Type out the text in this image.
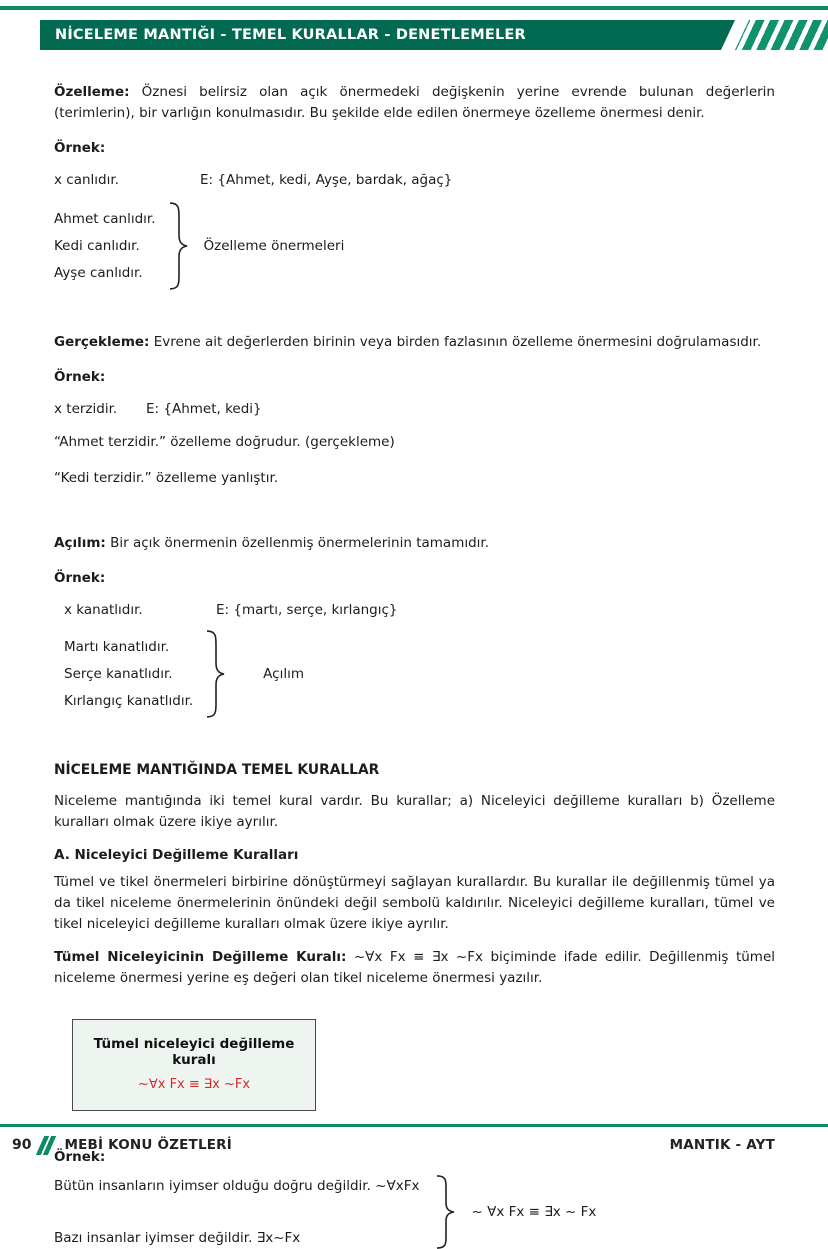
NİCELEME MANTIĞI - TEMEL KURALLAR - DENETLEMELER

Özelleme: Öznesi belirsiz olan açık önermedeki değişkenin yerine evrende bulunan değerlerin (terimlerin), bir varlığın konulmasıdır. Bu şekilde elde edilen önermeye özelleme önermesi denir.

Örnek:
x canlıdır.	E: {Ahmet, kedi, Ayşe, bardak, ağaç}
Ahmet canlıdır.
Kedi canlıdır.
Ayşe canlıdır.
Özelleme önermeleri

Gerçekleme: Evrene ait değerlerden birinin veya birden fazlasının özelleme önermesini doğrulamasıdır.

Örnek:
x terzidir.	E: {Ahmet, kedi}
“Ahmet terzidir.” özelleme doğrudur. (gerçekleme)
“Kedi terzidir.” özelleme yanlıştır.

Açılım: Bir açık önermenin özellenmiş önermelerinin tamamıdır.

Örnek:
x kanatlıdır.	E: {martı, serçe, kırlangıç}
Martı kanatlıdır.
Serçe kanatlıdır.
Kırlangıç kanatlıdır.
Açılım
NİCELEME MANTIĞINDA TEMEL KURALLAR

Niceleme mantığında iki temel kural vardır. Bu kurallar; a) Niceleyici değilleme kuralları b) Özelleme kuralları olmak üzere ikiye ayrılır.

A. Niceleyici Değilleme Kuralları

Tümel ve tikel önermeleri birbirine dönüştürmeyi sağlayan kurallardır. Bu kurallar ile değillenmiş tümel ya da tikel niceleme önermelerinin önündeki değil sembolü kaldırılır. Niceleyici değilleme kuralları, tümel ve tikel niceleyici değilleme kuralları olmak üzere ikiye ayrılır.

Tümel Niceleyicinin Değilleme Kuralı: ~∀x Fx ≡ ∃x ~Fx biçiminde ifade edilir. Değillenmiş tümel niceleme önermesi yerine eş değeri olan tikel niceleme önermesi yazılır.

Tümel niceleyici değilleme kuralı
~∀x Fx ≡ ∃x ~Fx
Örnek:
Bütün insanların iyimser olduğu doğru değildir. ~∀xFx
Bazı insanlar iyimser değildir. ∃x~Fx
~ ∀x Fx ≡ ∃x ~ Fx
90 MEBİ KONU ÖZETLERİ	MANTIK - AYT
